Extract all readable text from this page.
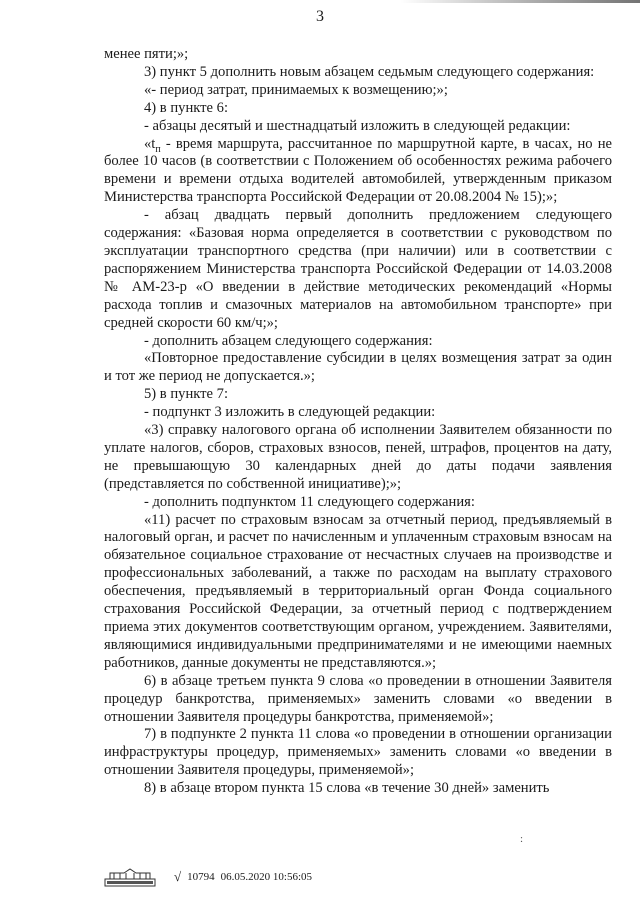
3

менее пяти;»;

3) пункт 5 дополнить новым абзацем седьмым следующего содержания:

«- период затрат, принимаемых к возмещению;»;

4) в пункте 6:

- абзацы десятый и шестнадцатый изложить в следующей редакции:

«$t_п$ - время маршрута, рассчитанное по маршрутной карте, в часах, но не более 10 часов (в соответствии с Положением об особенностях режима рабочего времени и времени отдыха водителей автомобилей, утвержденным приказом Министерства транспорта Российской Федерации от 20.08.2004 № 15);»;

- абзац двадцать первый дополнить предложением следующего содержания: «Базовая норма определяется в соответствии с руководством по эксплуатации транспортного средства (при наличии) или в соответствии с распоряжением Министерства транспорта Российской Федерации от 14.03.2008 № АМ-23-р «О введении в действие методических рекомендаций «Нормы расхода топлив и смазочных материалов на автомобильном транспорте» при средней скорости 60 км/ч;»;

- дополнить абзацем следующего содержания:

«Повторное предоставление субсидии в целях возмещения затрат за один и тот же период не допускается.»;

5) в пункте 7:

- подпункт 3 изложить в следующей редакции:

«3) справку налогового органа об исполнении Заявителем обязанности по уплате налогов, сборов, страховых взносов, пеней, штрафов, процентов на дату, не превышающую 30 календарных дней до даты подачи заявления (представляется по собственной инициативе);»;

- дополнить подпунктом 11 следующего содержания:

«11) расчет по страховым взносам за отчетный период, предъявляемый в налоговый орган, и расчет по начисленным и уплаченным страховым взносам на обязательное социальное страхование от несчастных случаев на производстве и профессиональных заболеваний, а также по расходам на выплату страхового обеспечения, предъявляемый в территориальный орган Фонда социального страхования Российской Федерации, за отчетный период с подтверждением приема этих документов соответствующим органом, учреждением. Заявителями, являющимися индивидуальными предпринимателями и не имеющими наемных работников, данные документы не представляются.»;

6) в абзаце третьем пункта 9 слова «о проведении в отношении Заявителя процедур банкротства, применяемых» заменить словами «о введении в отношении Заявителя процедуры банкротства, применяемой»;

7) в подпункте 2 пункта 11 слова «о проведении в отношении организации инфраструктуры процедур, применяемых» заменить словами «о введении в отношении Заявителя процедуры, применяемой»;

8) в абзаце втором пункта 15 слова «в течение 30 дней» заменить

:
√ 10794 06.05.2020 10:56:05
